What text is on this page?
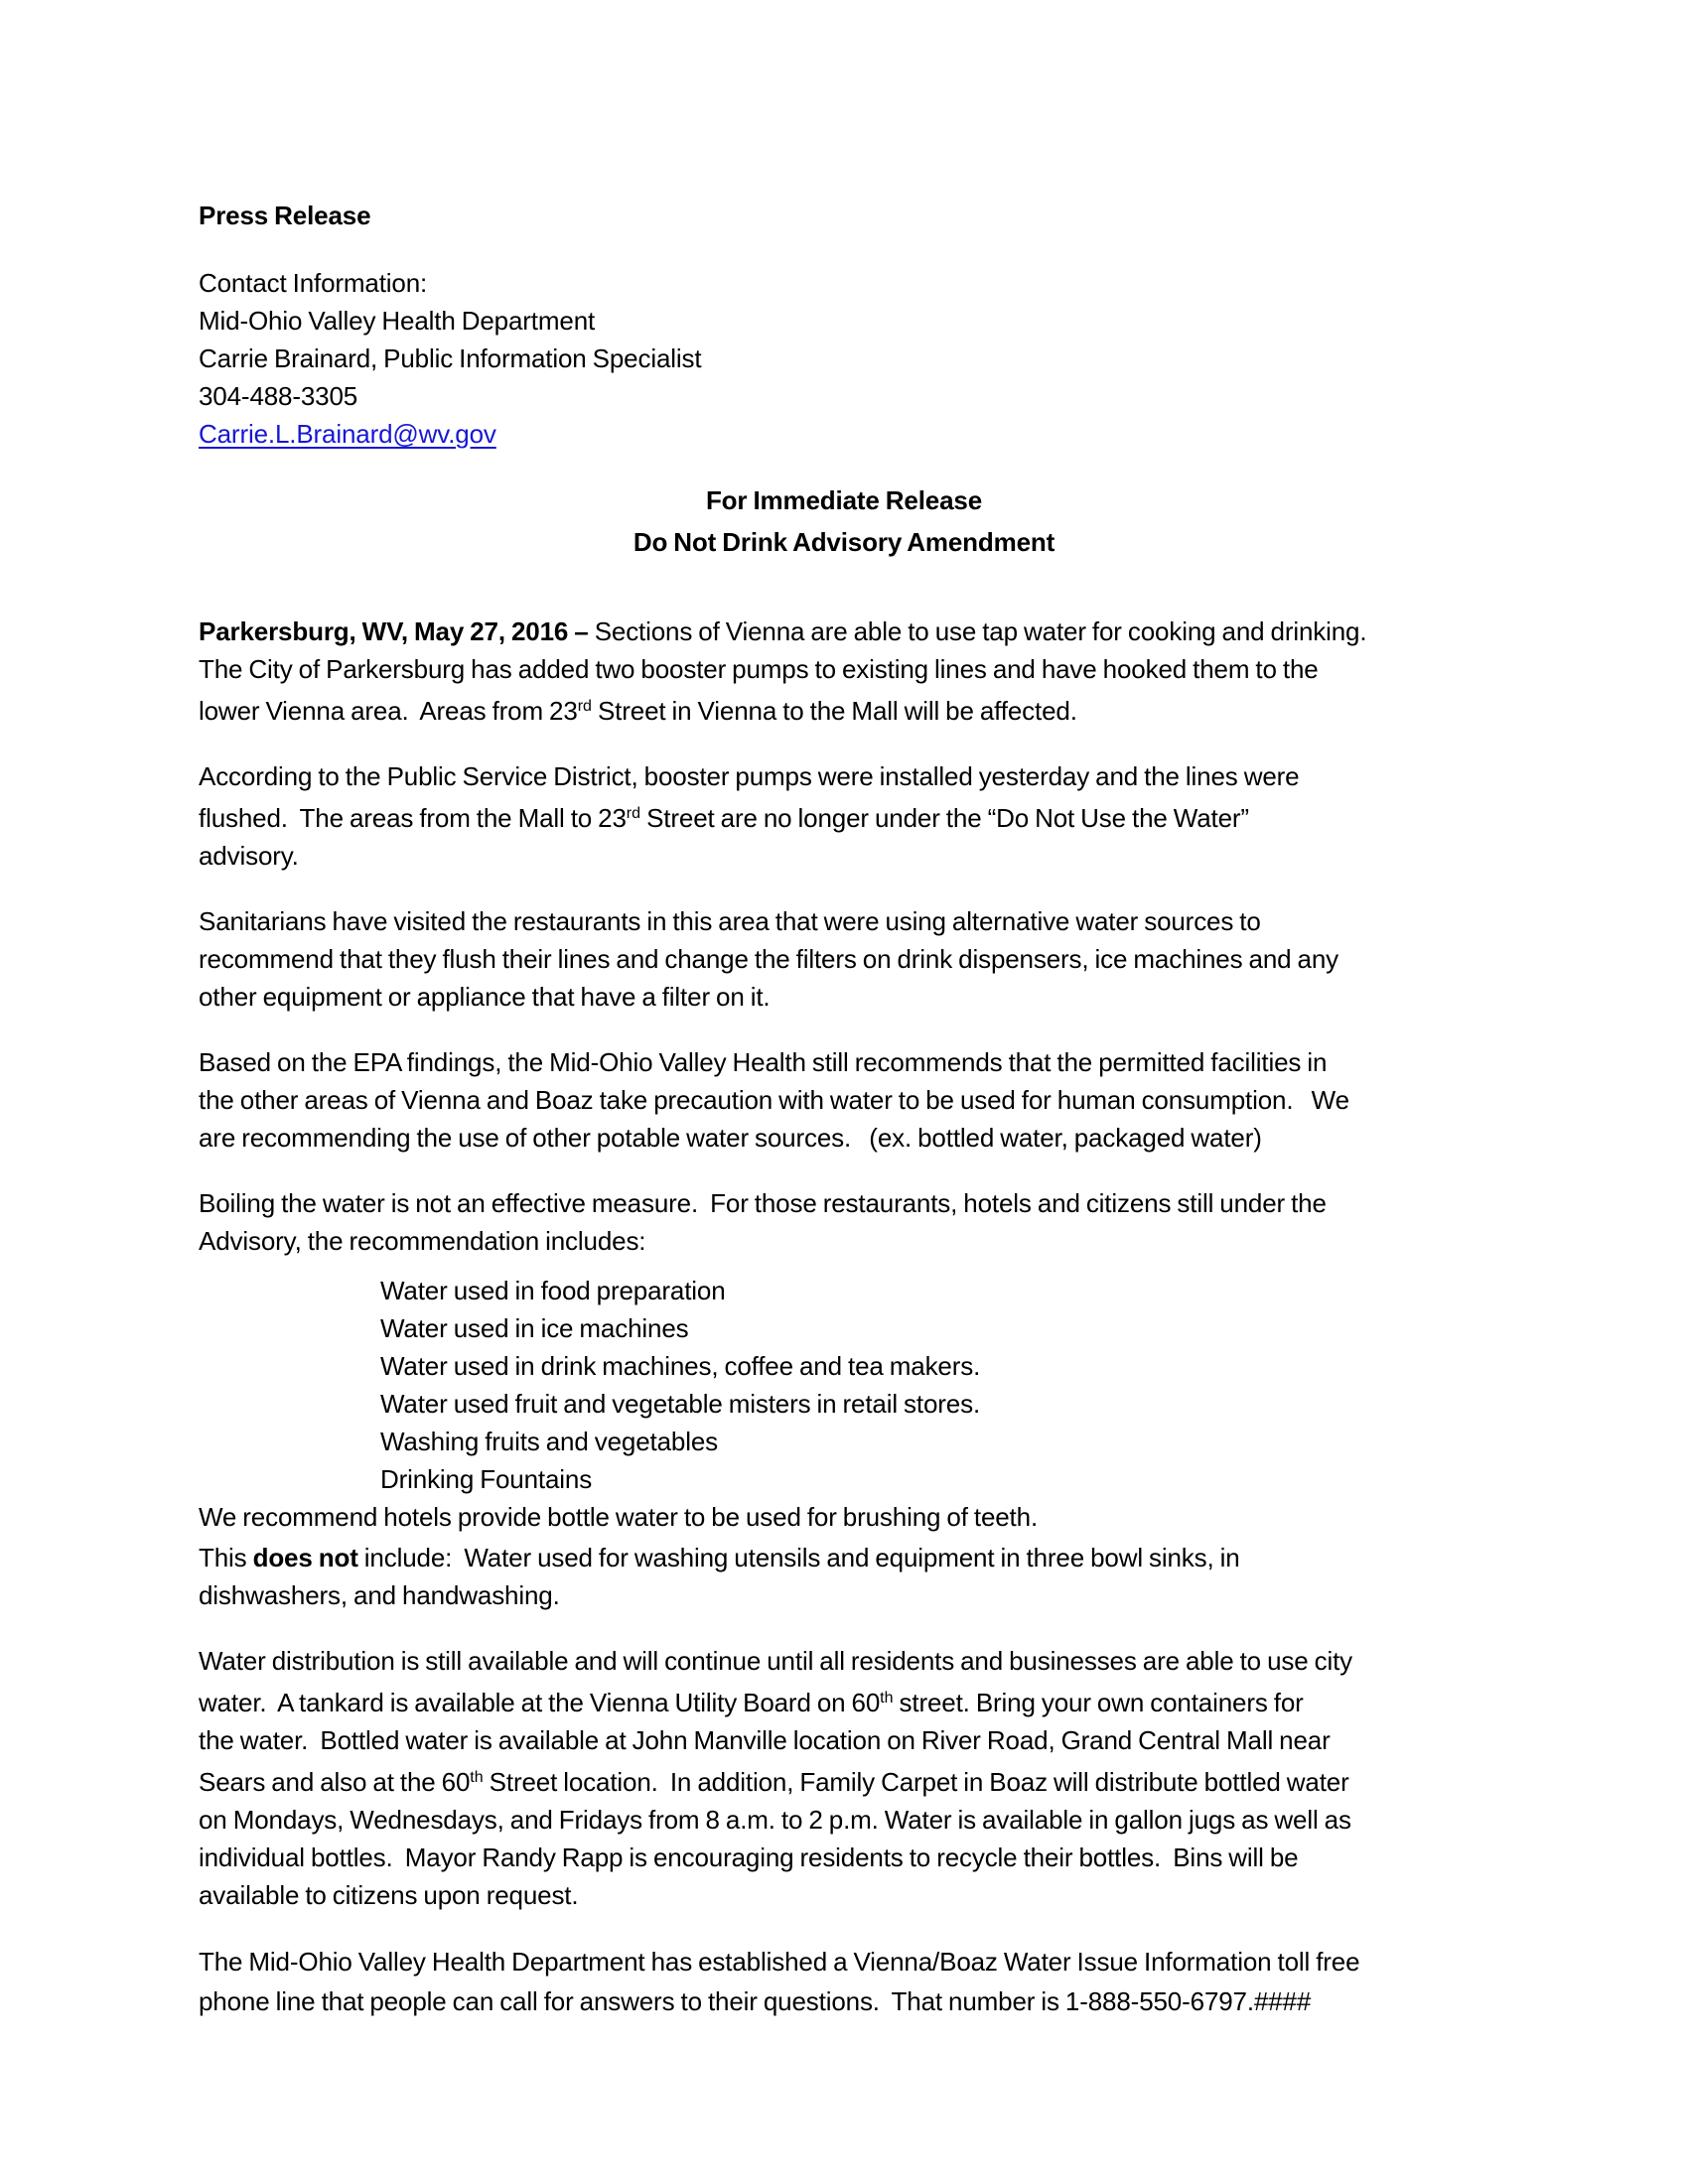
Press Release
Contact Information:
Mid-Ohio Valley Health Department
Carrie Brainard, Public Information Specialist
304-488-3305
Carrie.L.Brainard@wv.gov
For Immediate Release
Do Not Drink Advisory Amendment
Parkersburg, WV, May 27, 2016 – Sections of Vienna are able to use tap water for cooking and drinking.
The City of Parkersburg has added two booster pumps to existing lines and have hooked them to the
lower Vienna area.  Areas from 23rd Street in Vienna to the Mall will be affected.
According to the Public Service District, booster pumps were installed yesterday and the lines were
flushed.  The areas from the Mall to 23rd Street are no longer under the “Do Not Use the Water”
advisory.
Sanitarians have visited the restaurants in this area that were using alternative water sources to
recommend that they flush their lines and change the filters on drink dispensers, ice machines and any
other equipment or appliance that have a filter on it.
Based on the EPA findings, the Mid-Ohio Valley Health still recommends that the permitted facilities in
the other areas of Vienna and Boaz take precaution with water to be used for human consumption.   We
are recommending the use of other potable water sources.   (ex. bottled water, packaged water)
Boiling the water is not an effective measure.  For those restaurants, hotels and citizens still under the
Advisory, the recommendation includes:
Water used in food preparation
Water used in ice machines
Water used in drink machines, coffee and tea makers.
Water used fruit and vegetable misters in retail stores.
Washing fruits and vegetables
Drinking Fountains
We recommend hotels provide bottle water to be used for brushing of teeth.
This does not include:  Water used for washing utensils and equipment in three bowl sinks, in
dishwashers, and handwashing.
Water distribution is still available and will continue until all residents and businesses are able to use city
water.  A tankard is available at the Vienna Utility Board on 60th street. Bring your own containers for
the water.  Bottled water is available at John Manville location on River Road, Grand Central Mall near
Sears and also at the 60th Street location.  In addition, Family Carpet in Boaz will distribute bottled water
on Mondays, Wednesdays, and Fridays from 8 a.m. to 2 p.m. Water is available in gallon jugs as well as
individual bottles.  Mayor Randy Rapp is encouraging residents to recycle their bottles.  Bins will be
available to citizens upon request.
The Mid-Ohio Valley Health Department has established a Vienna/Boaz Water Issue Information toll free
phone line that people can call for answers to their questions.  That number is 1-888-550-6797.####
